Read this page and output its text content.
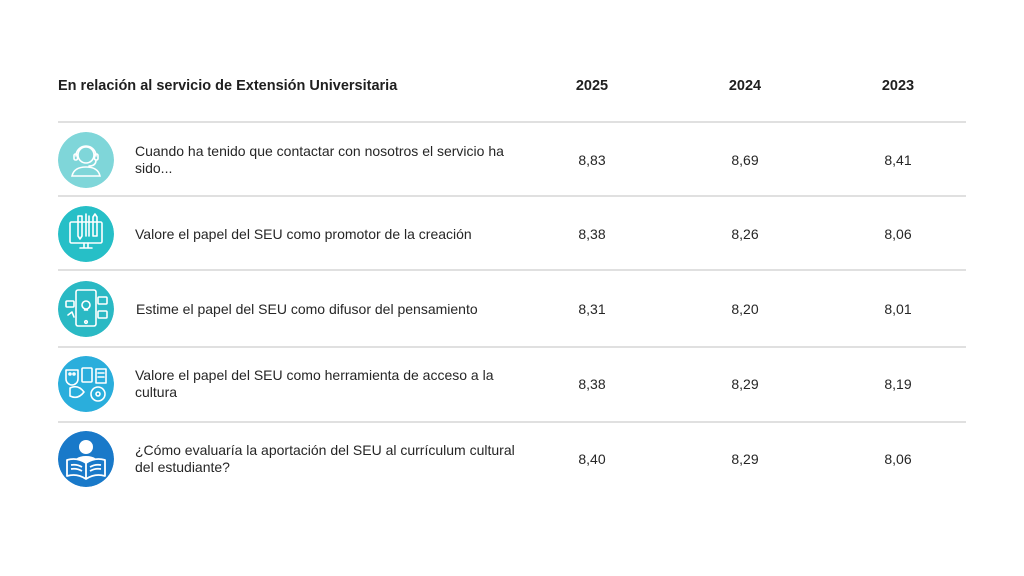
En relación al servicio de Extensión Universitaria	2025	2024	2023
Cuando ha tenido que contactar con nosotros el servicio ha sido...	8,83	8,69	8,41
Valore el papel del SEU como promotor de la creación	8,38	8,26	8,06
Estime el papel del SEU como difusor del pensamiento	8,31	8,20	8,01
Valore el papel del SEU como herramienta de acceso a la cultura	8,38	8,29	8,19
¿Cómo evaluaría la aportación del SEU al currículum cultural del estudiante?	8,40	8,29	8,06
